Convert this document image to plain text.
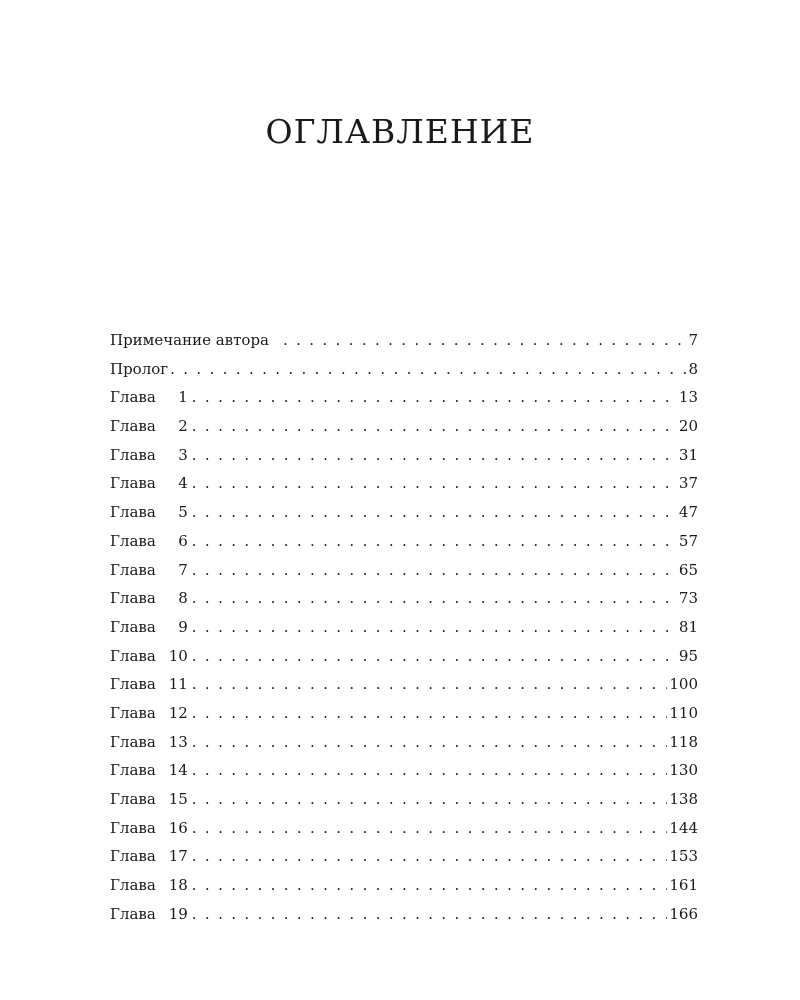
ОГЛАВЛЕНИЕ
Примечание автора . . .	7
Пролог . . .	8
Глава	1 . . .	13
Глава	2 . . .	20
Глава	3 . . .	31
Глава	4 . . .	37
Глава	5 . . .	47
Глава	6 . . .	57
Глава	7 . . .	65
Глава	8 . . .	73
Глава	9 . . .	81
Глава 10 . . .	95
Глава 11 . . .	100
Глава 12 . . .	110
Глава 13 . . .	118
Глава 14 . . .	130
Глава 15 . . .	138
Глава 16 . . .	144
Глава 17 . . .	153
Глава 18 . . .	161
Глава 19 . . .	166
